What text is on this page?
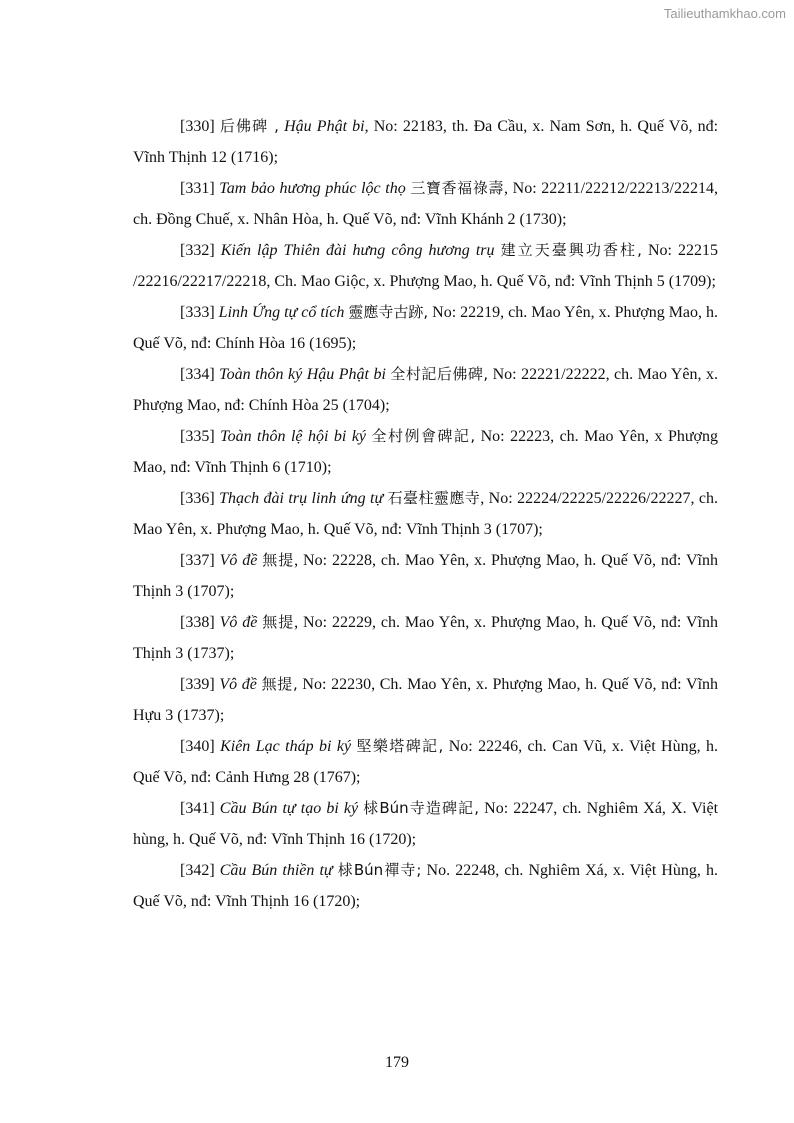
Tailieuthamkhao.com

[330] 后佛碑 , Hậu Phật bi, No: 22183, th. Đa Cầu, x. Nam Sơn, h. Quế Võ, nđ: Vĩnh Thịnh 12 (1716);

[331] Tam bảo hương phúc lộc thọ 三寶香福祿壽, No: 22211/22212/22213/22214, ch. Đồng Chuế, x. Nhân Hòa, h. Quế Võ, nđ: Vĩnh Khánh 2 (1730);

[332] Kiến lập Thiên đài hưng công hương trụ 建立天臺興功香柱, No: 22215 /22216/22217/22218, Ch. Mao Giộc, x. Phượng Mao, h. Quế Võ, nđ: Vĩnh Thịnh 5 (1709);

[333] Linh Ứng tự cổ tích 靈應寺古跡, No: 22219, ch. Mao Yên, x. Phượng Mao, h. Quế Võ, nđ: Chính Hòa 16 (1695);

[334] Toàn thôn ký Hậu Phật bi 全村記后佛碑, No: 22221/22222, ch. Mao Yên, x. Phượng Mao, nđ: Chính Hòa 25 (1704);

[335] Toàn thôn lệ hội bi ký 全村例會碑記, No: 22223, ch. Mao Yên, x Phượng Mao, nđ: Vĩnh Thịnh 6 (1710);

[336] Thạch đài trụ linh ứng tự 石臺柱靈應寺, No: 22224/22225/22226/22227, ch. Mao Yên, x. Phượng Mao, h. Quế Võ, nđ: Vĩnh Thịnh 3 (1707);

[337] Vô đề 無提, No: 22228, ch. Mao Yên, x. Phượng Mao, h. Quế Võ, nđ: Vĩnh Thịnh 3 (1707);

[338] Vô đề 無提, No: 22229, ch. Mao Yên, x. Phượng Mao, h. Quế Võ, nđ: Vĩnh Thịnh 3 (1737);

[339] Vô đề 無提, No: 22230, Ch. Mao Yên, x. Phượng Mao, h. Quế Võ, nđ: Vĩnh Hựu 3 (1737);

[340] Kiên Lạc tháp bi ký 堅樂塔碑記, No: 22246, ch. Can Vũ, x. Việt Hùng, h. Quế Võ, nđ: Cảnh Hưng 28 (1767);

[341] Cầu Bún tự tạo bi ký 梂Bún寺造碑記, No: 22247, ch. Nghiêm Xá, X. Việt hùng, h. Quế Võ, nđ: Vĩnh Thịnh 16 (1720);

[342] Cầu Bún thiền tự 梂Bún禪寺; No. 22248, ch. Nghiêm Xá, x. Việt Hùng, h. Quế Võ, nđ: Vĩnh Thịnh 16 (1720);

179
